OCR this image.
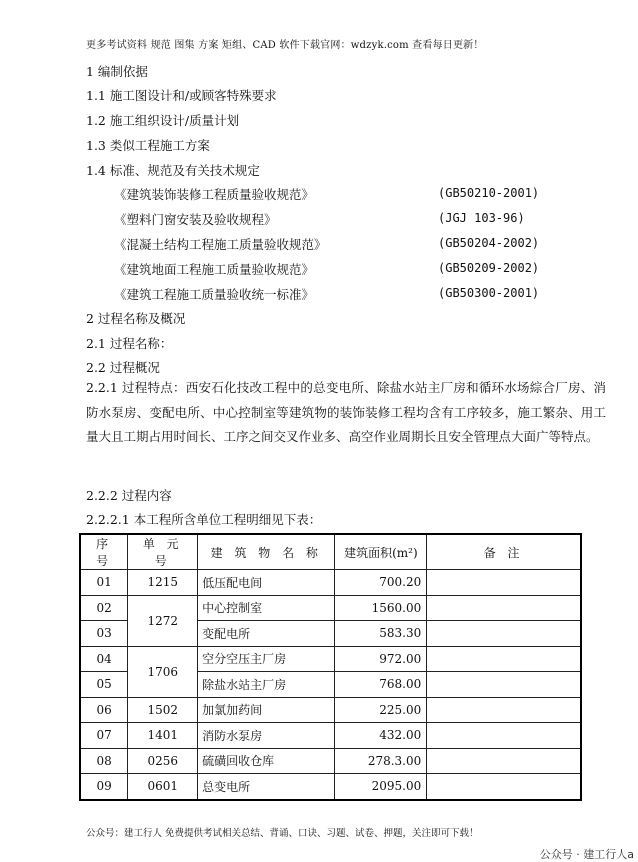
更多考试资料 规范 图集 方案 矩组、CAD 软件下载官网：wdzyk.com 查看每日更新！
1 编制依据
1.1 施工图设计和/或顾客特殊要求
1.2 施工组织设计/质量计划
1.3 类似工程施工方案
1.4 标准、规范及有关技术规定
《建筑装饰装修工程质量验收规范》	(GB50210-2001)
《塑料门窗安装及验收规程》	(JGJ 103-96)
《混凝土结构工程施工质量验收规范》	(GB50204-2002)
《建筑地面工程施工质量验收规范》	(GB50209-2002)
《建筑工程施工质量验收统一标准》	(GB50300-2001)
2 过程名称及概况
2.1 过程名称：
2.2 过程概况
2.2.1 过程特点：西安石化技改工程中的总变电所、除盐水站主厂房和循环水场綜合厂房、消防水泵房、变配电所、中心控制室等建筑物的装饰装修工程均含有工序较多，施工繁杂、用工量大且工期占用时间长、工序之间交叉作业多、高空作业周期长且安全管理点大面广等特点。
2.2.2 过程内容
2.2.2.1 本工程所含单位工程明细见下表：
序 号	单 元 号	建 筑 物 名 称	建筑面积(m²)	备 注
01	1215	低压配电间	700.20	
02	1272	中心控制室	1560.00	
03		变配电所	583.30	
04	1706	空分空压主厂房	972.00	
05		除盐水站主厂房	768.00	
06	1502	加氯加药间	225.00	
07	1401	消防水泵房	432.00	
08	0256	硫磺回收仓库	278.3.00	
09	0601	总变电所	2095.00	
公众号：建工行人 免费提供考试相关总结、背诵、口诀、习题、试卷、押题，关注即可下载！
公众号 · 建工行人a
